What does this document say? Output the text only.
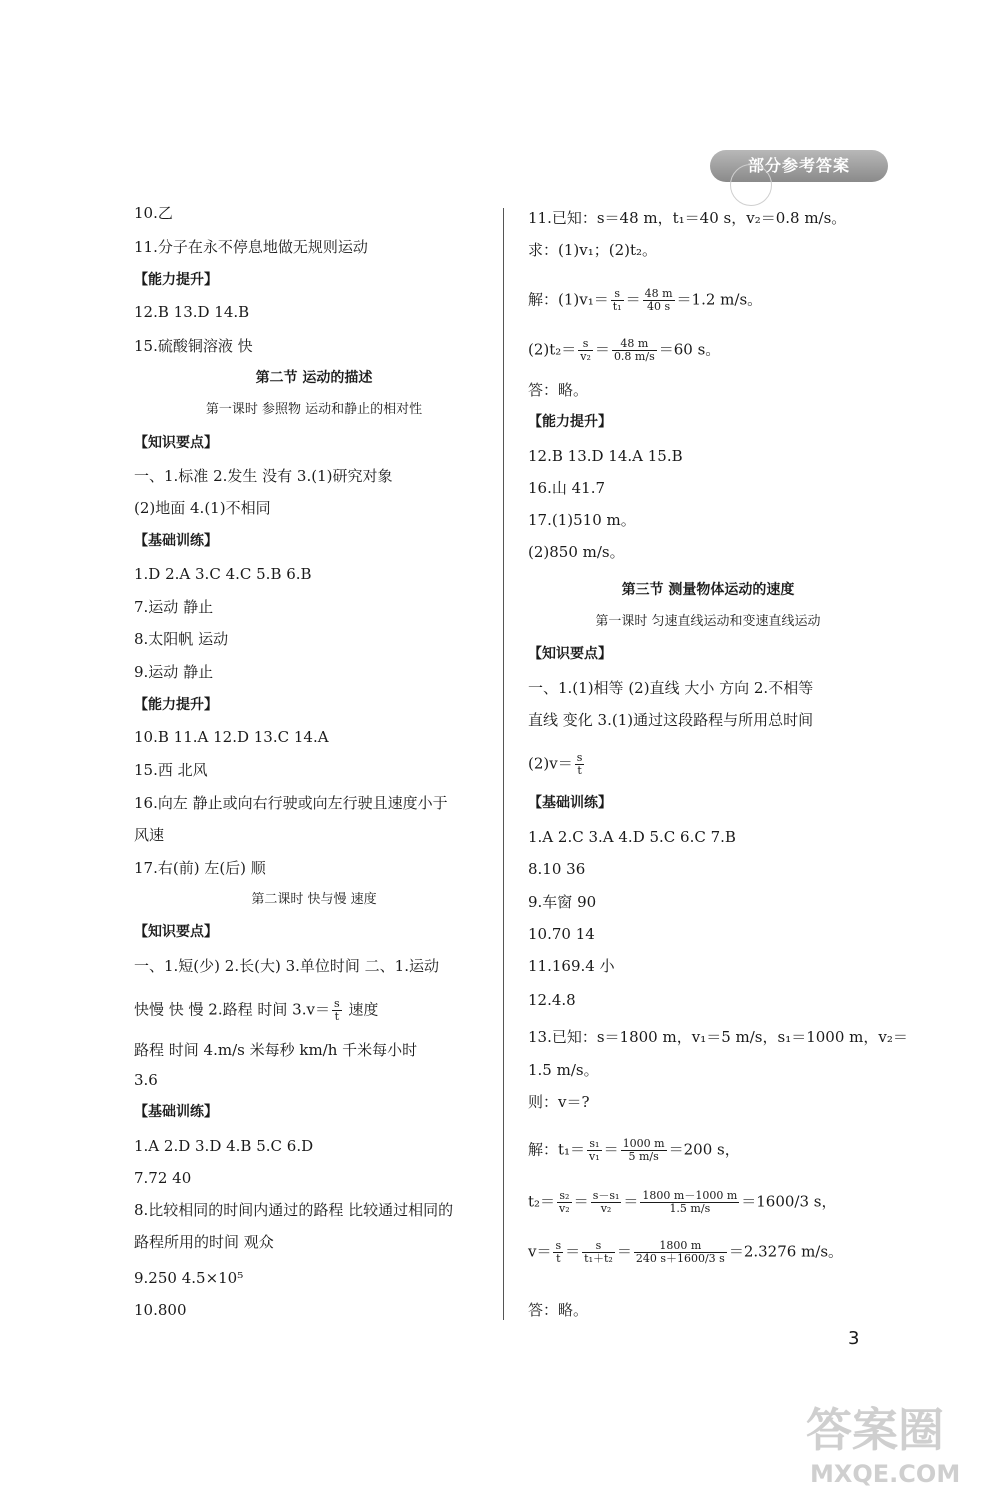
部分参考答案
10.乙
11.分子在永不停息地做无规则运动
【能力提升】
12.B 13.D 14.B
15.硫酸铜溶液 快
第二节 运动的描述
第一课时 参照物 运动和静止的相对性
【知识要点】
一、1.标准 2.发生 没有 3.(1)研究对象
(2)地面 4.(1)不相同
【基础训练】
1.D 2.A 3.C 4.C 5.B 6.B
7.运动 静止
8.太阳帆 运动
9.运动 静止
【能力提升】
10.B 11.A 12.D 13.C 14.A
15.西 北风
16.向左 静止或向右行驶或向左行驶且速度小于
风速
17.右(前) 左(后) 顺
第二课时 快与慢 速度
【知识要点】
一、1.短(少) 2.长(大) 3.单位时间 二、1.运动
快慢 快 慢 2.路程 时间 $3.v= \frac{s}{t}$ 速度
路程 时间 4.m/s 米每秒 km/h 千米每小时
3.6
【基础训练】
1.A 2.D 3.D 4.B 5.C 6.D
7.72 40
8.比较相同的时间内通过的路程 比较通过相同的
路程所用的时间 观众
9.250 4.5×10⁵
10.800
11.已知：s＝48 m，t₁＝40 s，v₂＝0.8 m/s。
求：(1)v₁；(2)t₂。
解：$(1)v_1= \frac{s}{\text{t₁}} = \frac{48 m}{40 s} =1.2$ m/s。
$(2)t_2= \frac{s}{\text{v₂}} = \frac{48 m}{0.8 m/s} =60$ s。
答：略。
【能力提升】
12.B 13.D 14.A 15.B
16.山 41.7
17.(1)510 m。
(2)850 m/s。
第三节 测量物体运动的速度
第一课时 匀速直线运动和变速直线运动
【知识要点】
一、1.(1)相等 (2)直线 大小 方向 2.不相等
直线 变化 3.(1)通过这段路程与所用总时间
$(2)v= \frac{s}{t}$
【基础训练】
1.A 2.C 3.A 4.D 5.C 6.C 7.B
8.10 36
9.车窗 90
10.70 14
11.169.4 小
12.4.8
13.已知：s＝1800 m，v₁＝5 m/s，s₁＝1000 m，v₂＝
1.5 m/s。
则：v＝?
解：$t_1= \frac{\text{s₁}}{\text{v₁}} = \frac{1000 m}{5 m/s} =200$ s，
$t_2= \frac{\text{s₂}}{\text{v₂}} = \frac{\text{s－s₁}}{\text{v₂}} = \frac{1800 m-1000 m}{1.5 m/s} =1600/3$ s，
$v= \frac{s}{t} = \frac{s}{\text{t₁＋t₂}} = \frac{1800 m}{240 s+1600/3 s} =2.3276$ m/s。
答：略。
3
答案圈
MXQE.COM
